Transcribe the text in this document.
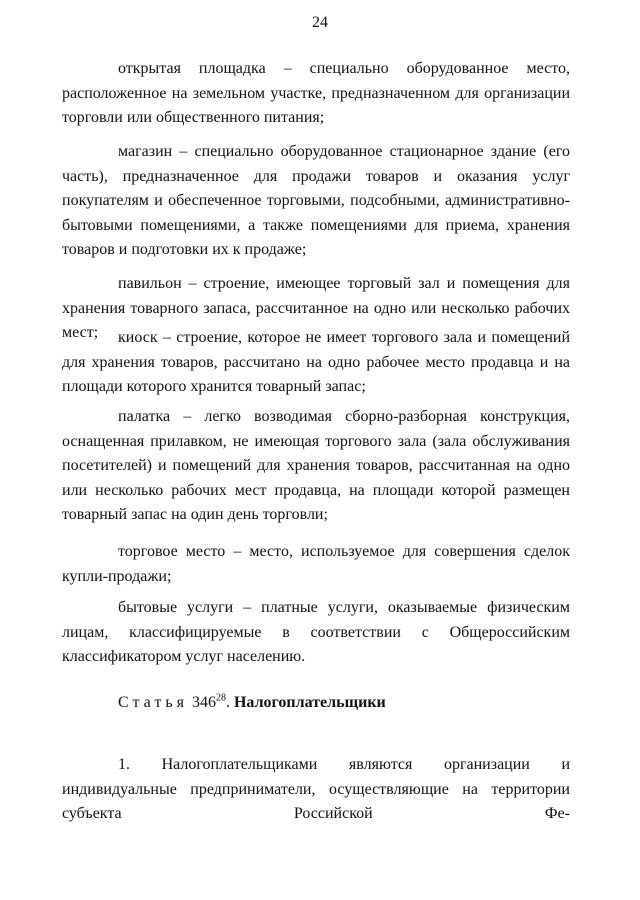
24

открытая площадка – специально оборудованное место, расположенное на земельном участке, предназначенном для организации торговли или общественного питания;

магазин – специально оборудованное стационарное здание (его часть), предназначенное для продажи товаров и оказания услуг покупателям и обеспеченное торговыми, подсобными, административно-бытовыми помещениями, а также помещениями для приема, хранения товаров и подготовки их к продаже;

павильон – строение, имеющее торговый зал и помещения для хранения товарного запаса, рассчитанное на одно или несколько рабочих мест;	киоск – строение, которое не имеет торгового зала и помещений для хранения товаров, рассчитано на одно рабочее место продавца и на площади которого хранится товарный запас;

палатка – легко возводимая сборно-разборная конструкция, оснащенная прилавком, не имеющая торгового зала (зала обслуживания посетителей) и помещений для хранения товаров, рассчитанная на одно или несколько рабочих мест продавца, на площади которой размещен товарный запас на один день торговли;

торговое место – место, используемое для совершения сделок купли-продажи;

бытовые услуги – платные услуги, оказываемые физическим лицам, классифицируемые в соответствии с Общероссийским классификатором услуг населению.

Статья $346^{28}$. Налогоплательщики

1. Налогоплательщиками являются организации и индивидуальные предприниматели, осуществляющие на территории субъекта Российской Фе-
